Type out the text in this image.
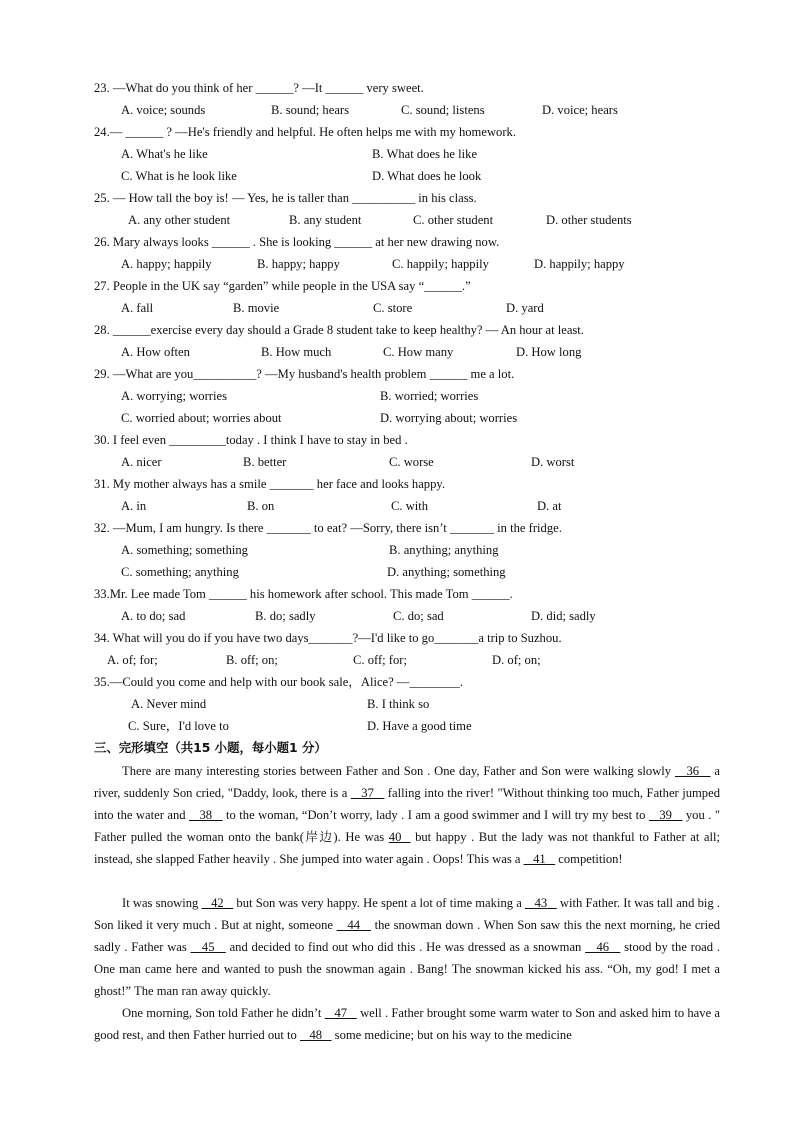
23. —What do you think of her ______? —It ______ very sweet.
A. voice; sounds	B. sound; hears	C. sound; listens	D. voice; hears
24.— ______ ? —He's friendly and helpful. He often helps me with my homework.
A. What's he like	B. What does he like
C. What is he look like	D. What does he look
25. — How tall the boy is! — Yes, he is taller than __________ in his class.
A. any other student	B. any student	C. other student	D. other students
26. Mary always looks ______ . She is looking ______ at her new drawing now.
A. happy; happily	B. happy; happy	C. happily; happily	D. happily; happy
27. People in the UK say “garden” while people in the USA say “______.”
A. fall	B. movie	C. store	D. yard
28. ______exercise every day should a Grade 8 student take to keep healthy? — An hour at least.
A. How often	B. How much	C. How many	D. How long
29. —What are you__________? —My husband's health problem ______ me a lot.
A. worrying; worries	B. worried; worries
C. worried about; worries about	D. worrying about; worries
30. I feel even _________today . I think I have to stay in bed .
A. nicer	B. better	C. worse	D. worst
31. My mother always has a smile _______ her face and looks happy.
A. in	B. on	C. with	D. at
32. —Mum, I am hungry. Is there _______ to eat? —Sorry, there isn’t _______ in the fridge.
A. something; something	B. anything; anything
C. something; anything	D. anything; something
33.Mr. Lee made Tom ______ his homework after school. This made Tom ______.
A. to do; sad	B. do; sadly	C. do; sad	D. did; sadly
34. What will you do if you have two days_______?—I'd like to go_______a trip to Suzhou.
A. of; for;	B. off; on;	C. off; for;	D. of; on;
35.—Could you come and help with our book sale，Alice? —________.
A. Never mind	B. I think so
C. Sure，I'd love to	D. Have a good time
三、完形填空（共15 小题，每小题1 分）
There are many interesting stories between Father and Son . One day, Father and Son were walking slowly    36    a river, suddenly Son cried, "Daddy, look, there is a    37    falling into the river! "Without thinking too much, Father jumped into the water and    38    to the woman, “Don’t worry, lady . I am a good swimmer and I will try my best to    39    you . " Father pulled the woman onto the bank(岸边). He was 40   but happy . But the lady was not thankful to Father at all; instead, she slapped Father heavily . She jumped into water again . Oops! This was a    41    competition!
It was snowing    42    but Son was very happy. He spent a lot of time making a    43    with Father. It was tall and big . Son liked it very much . But at night, someone    44    the snowman down . When Son saw this the next morning, he cried sadly . Father was    45    and decided to find out who did this . He was dressed as a snowman    46    stood by the road . One man came here and wanted to push the snowman again . Bang! The snowman kicked his ass. “Oh, my god! I met a ghost!” The man ran away quickly.
One morning, Son told Father he didn’t    47    well . Father brought some warm water to Son and asked him to have a good rest, and then Father hurried out to    48    some medicine; but on his way to the medicine
